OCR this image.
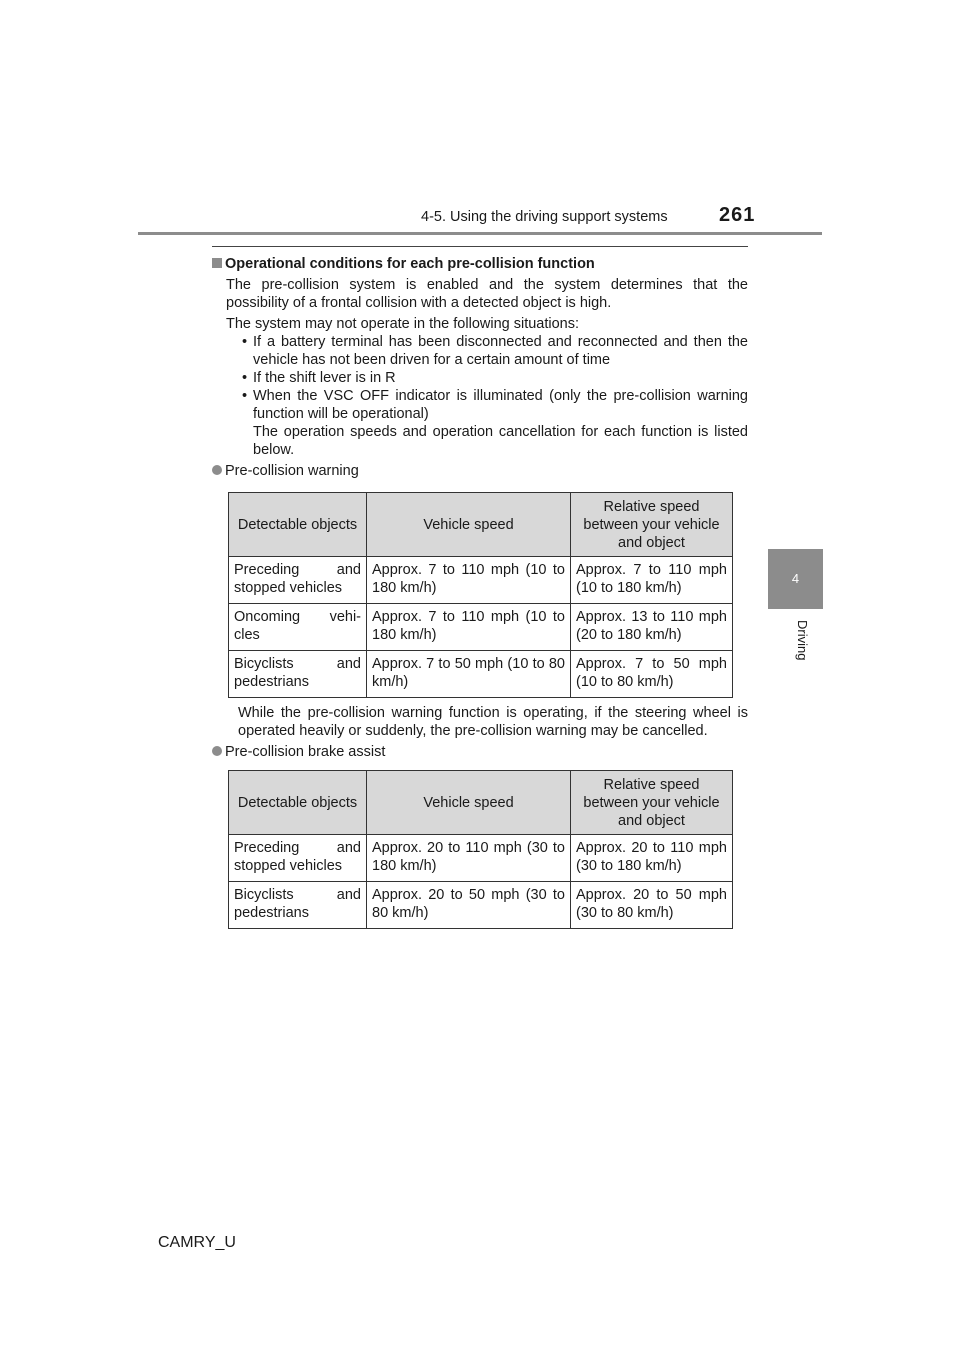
4-5. Using the driving support systems	261
4
Driving
Operational conditions for each pre-collision function

The pre-collision system is enabled and the system determines that the possibility of a frontal collision with a detected object is high.

The system may not operate in the following situations:

• If a battery terminal has been disconnected and reconnected and then the vehicle has not been driven for a certain amount of time
• If the shift lever is in R
• When the VSC OFF indicator is illuminated (only the pre-collision warning function will be operational)

The operation speeds and operation cancellation for each function is listed below.

Pre-collision warning
Detectable objects	Vehicle speed	Relative speed between your vehicle and object
Preceding and stopped vehicles	Approx. 7 to 110 mph (10 to 180 km/h)	Approx. 7 to 110 mph (10 to 180 km/h)
Oncoming vehi-cles	Approx. 7 to 110 mph (10 to 180 km/h)	Approx. 13 to 110 mph (20 to 180 km/h)
Bicyclists and pedestrians	Approx. 7 to 50 mph (10 to 80 km/h)	Approx. 7 to 50 mph (10 to 80 km/h)

While the pre-collision warning function is operating, if the steering wheel is operated heavily or suddenly, the pre-collision warning may be cancelled.

Pre-collision brake assist
Detectable objects	Vehicle speed	Relative speed between your vehicle and object
Preceding and stopped vehicles	Approx. 20 to 110 mph (30 to 180 km/h)	Approx. 20 to 110 mph (30 to 180 km/h)
Bicyclists and pedestrians	Approx. 20 to 50 mph (30 to 80 km/h)	Approx. 20 to 50 mph (30 to 80 km/h)
CAMRY_U
